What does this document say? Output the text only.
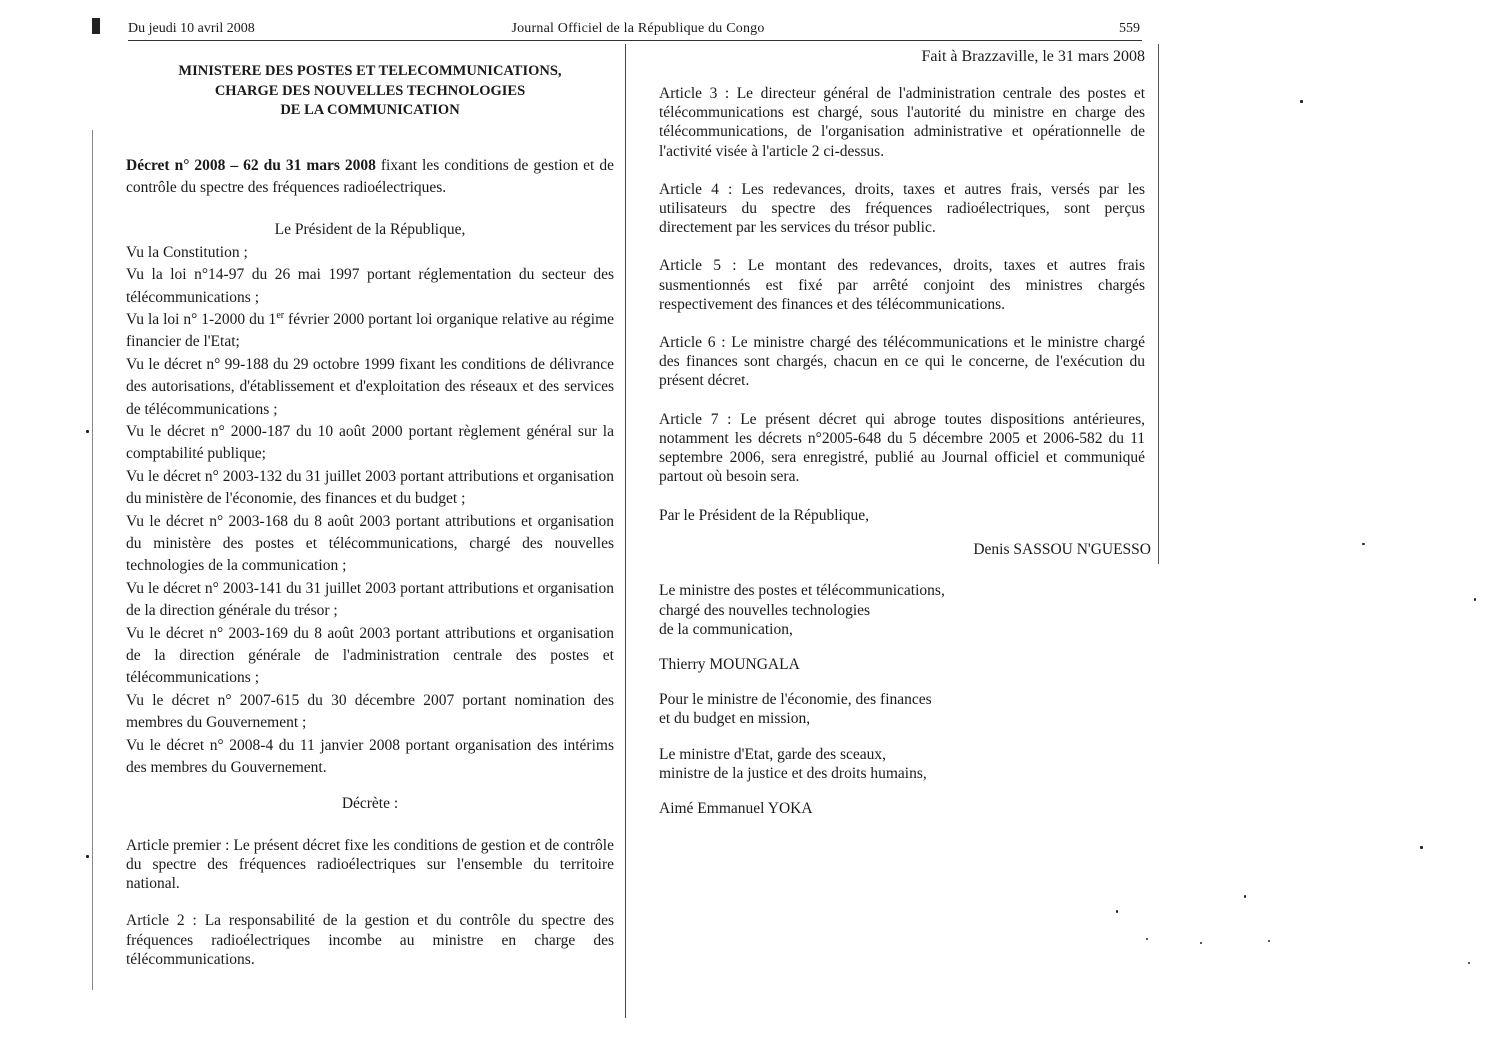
Du jeudi 10 avril 2008	Journal Officiel de la République du Congo	559
MINISTERE DES POSTES ET TELECOMMUNICATIONS,
CHARGE DES NOUVELLES TECHNOLOGIES
DE LA COMMUNICATION

Décret n° 2008 – 62 du 31 mars 2008 fixant les conditions de gestion et de contrôle du spectre des fréquences radioélectriques.

Le Président de la République,

Vu la Constitution ;

Vu la loi n°14-97 du 26 mai 1997 portant réglementation du secteur des télécommunications ;

Vu la loi n° 1-2000 du 1er février 2000 portant loi organique relative au régime financier de l'Etat;

Vu le décret n° 99-188 du 29 octobre 1999 fixant les conditions de délivrance des autorisations, d'établissement et d'exploitation des réseaux et des services de télécommunications ;

Vu le décret n° 2000-187 du 10 août 2000 portant règlement général sur la comptabilité publique;

Vu le décret n° 2003-132 du 31 juillet 2003 portant attributions et organisation du ministère de l'économie, des finances et du budget ;

Vu le décret n° 2003-168 du 8 août 2003 portant attributions et organisation du ministère des postes et télécommunications, chargé des nouvelles technologies de la communication ;

Vu le décret n° 2003-141 du 31 juillet 2003 portant attributions et organisation de la direction générale du trésor ;

Vu le décret n° 2003-169 du 8 août 2003 portant attributions et organisation de la direction générale de l'administration centrale des postes et télécommunications ;

Vu le décret n° 2007-615 du 30 décembre 2007 portant nomination des membres du Gouvernement ;

Vu le décret n° 2008-4 du 11 janvier 2008 portant organisation des intérims des membres du Gouvernement.

Décrète :

Article premier : Le présent décret fixe les conditions de gestion et de contrôle du spectre des fréquences radioélectriques sur l'ensemble du territoire national.

Article 2 : La responsabilité de la gestion et du contrôle du spectre des fréquences radioélectriques incombe au ministre en charge des télécommunications.

Fait à Brazzaville, le 31 mars 2008

Article 3 : Le directeur général de l'administration centrale des postes et télécommunications est chargé, sous l'autorité du ministre en charge des télécommunications, de l'organisation administrative et opérationnelle de l'activité visée à l'article 2 ci-dessus.

Article 4 : Les redevances, droits, taxes et autres frais, versés par les utilisateurs du spectre des fréquences radioélectriques, sont perçus directement par les services du trésor public.

Article 5 : Le montant des redevances, droits, taxes et autres frais susmentionnés est fixé par arrêté conjoint des ministres chargés respectivement des finances et des télécommunications.

Article 6 : Le ministre chargé des télécommunications et le ministre chargé des finances sont chargés, chacun en ce qui le concerne, de l'exécution du présent décret.

Article 7 : Le présent décret qui abroge toutes dispositions antérieures, notamment les décrets n°2005-648 du 5 décembre 2005 et 2006-582 du 11 septembre 2006, sera enregistré, publié au Journal officiel et communiqué partout où besoin sera.

Par le Président de la République,

Denis SASSOU N'GUESSO

Le ministre des postes et télécommunications,
chargé des nouvelles technologies
de la communication,

Thierry MOUNGALA

Pour le ministre de l'économie, des finances
et du budget en mission,
Le ministre d'Etat, garde des sceaux,
ministre de la justice et des droits humains,

Aimé Emmanuel YOKA
